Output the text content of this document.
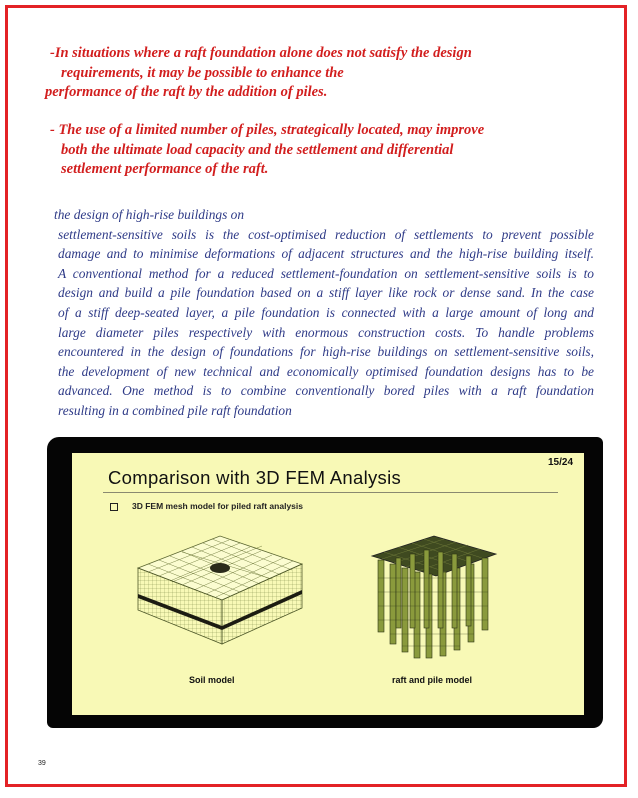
-In situations where a raft foundation alone does not satisfy the design
requirements, it may be possible to enhance the
performance of the raft by the addition of piles.
- The use of a limited number of piles, strategically located, may improve
both the ultimate load capacity and the settlement and differential
settlement performance of the raft.
the design of high-rise buildings on
settlement-sensitive soils is the cost-optimised reduction of settlements to prevent possible
damage and to minimise deformations of adjacent structures and the high-rise building itself.
A conventional method for a reduced settlement-foundation on settlement-sensitive soils is to
design and build a pile foundation based on a stiff layer like rock or dense sand. In the case
of a stiff deep-seated layer, a pile foundation is connected with a large amount of long and
large diameter piles respectively with enormous construction costs. To handle problems
encountered in the design of foundations for high-rise buildings on settlement-sensitive soils,
the development of new technical and economically optimised foundation designs has to be
advanced. One method is to combine conventionally bored piles with a raft foundation
resulting in a combined pile raft foundation
15/24
Comparison with 3D FEM Analysis
3D FEM mesh model for piled raft analysis
Soil model	raft and pile model
39
